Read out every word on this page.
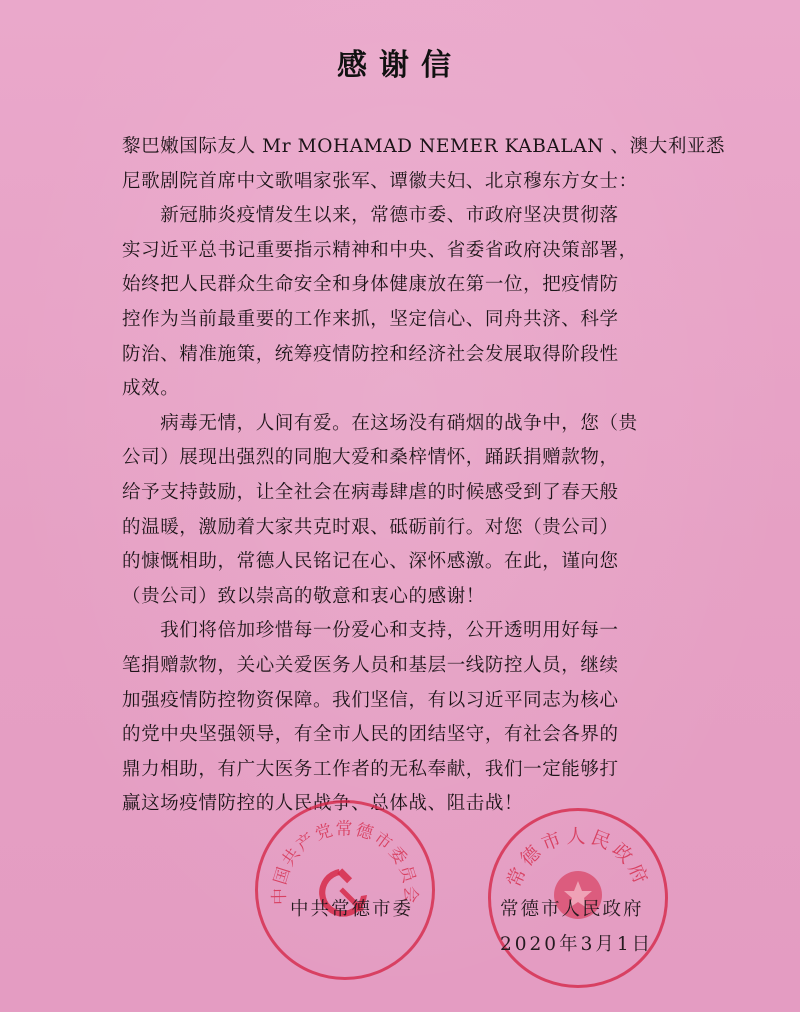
感谢信
黎巴嫩国际友人 Mr MOHAMAD NEMER KABALAN 、澳大利亚悉
尼歌剧院首席中文歌唱家张军、谭徽夫妇、北京穆东方女士：
　　新冠肺炎疫情发生以来，常德市委、市政府坚决贯彻落
实习近平总书记重要指示精神和中央、省委省政府决策部署，
始终把人民群众生命安全和身体健康放在第一位，把疫情防
控作为当前最重要的工作来抓，坚定信心、同舟共济、科学
防治、精准施策，统筹疫情防控和经济社会发展取得阶段性
成效。
　　病毒无情，人间有爱。在这场没有硝烟的战争中，您（贵
公司）展现出强烈的同胞大爱和桑梓情怀，踊跃捐赠款物，
给予支持鼓励，让全社会在病毒肆虐的时候感受到了春天般
的温暖，激励着大家共克时艰、砥砺前行。对您（贵公司）
的慷慨相助，常德人民铭记在心、深怀感激。在此，谨向您
（贵公司）致以崇高的敬意和衷心的感谢！
　　我们将倍加珍惜每一份爱心和支持，公开透明用好每一
笔捐赠款物，关心关爱医务人员和基层一线防控人员，继续
加强疫情防控物资保障。我们坚信，有以习近平同志为核心
的党中央坚强领导，有全市人民的团结坚守，有社会各界的
鼎力相助，有广大医务工作者的无私奉献，我们一定能够打
赢这场疫情防控的人民战争、总体战、阻击战！
中国共产党常德市委员会
常德市人民政府
中共常德市委	常德市人民政府
2020年3月1日
